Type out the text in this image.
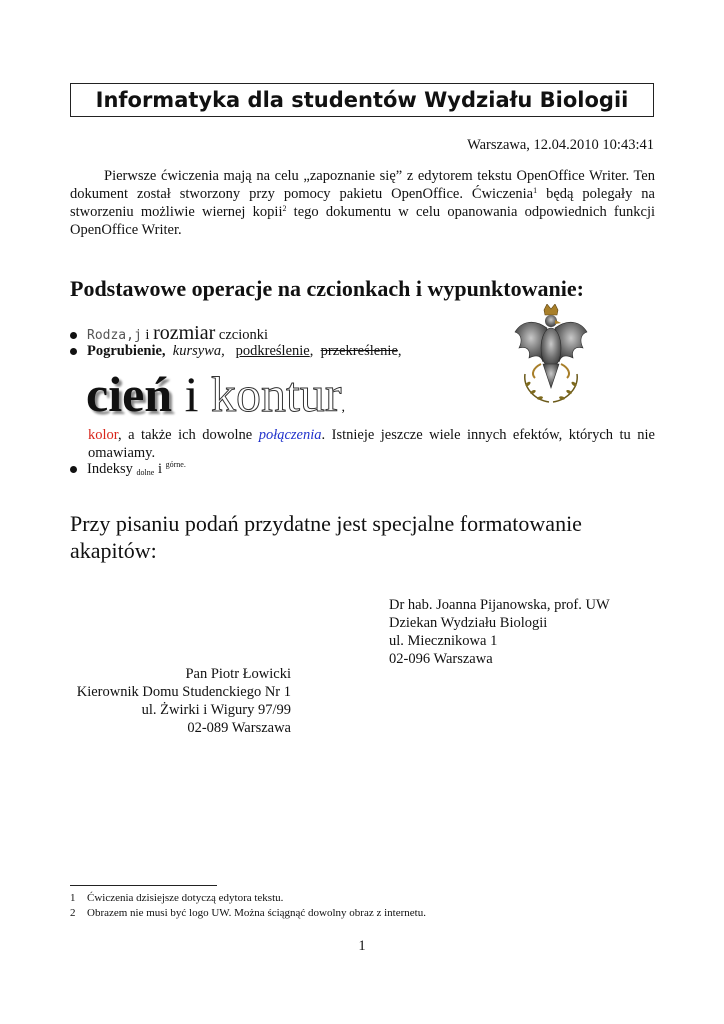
Informatyka dla studentów Wydziału Biologii
Warszawa, 12.04.2010 10:43:41

Pierwsze ćwiczenia mają na celu „zapoznanie się” z edytorem tekstu OpenOffice Writer. Ten dokument został stworzony przy pomocy pakietu OpenOffice. Ćwiczenia$^1$ będą polegały na stworzeniu możliwie wiernej kopii$^2$ tego dokumentu w celu opanowania odpowiednich funkcji OpenOffice Writer.

Podstawowe operacje na czcionkach i wypunktowanie:
Rodza,j i rozmiar czcionki
Pogrubienie, kursywa, podkreślenie, przekreślenie,
cień i kontur,

kolor, a także ich dowolne połączenia. Istnieje jeszcze wiele innych efektów, których tu nie omawiamy.

Indeksy $_{dolne}$ i $^{górne.}$
Przy pisaniu podań przydatne jest specjalne formatowanie akapitów:
Dr hab. Joanna Pijanowska, prof. UW
Dziekan Wydziału Biologii
ul. Miecznikowa 1
02-096 Warszawa
Pan Piotr Łowicki
Kierownik Domu Studenckiego Nr 1
ul. Żwirki i Wigury 97/99
02-089 Warszawa
1 Ćwiczenia dzisiejsze dotyczą edytora tekstu.
2 Obrazem nie musi być logo UW. Można ściągnąć dowolny obraz z internetu.
1
